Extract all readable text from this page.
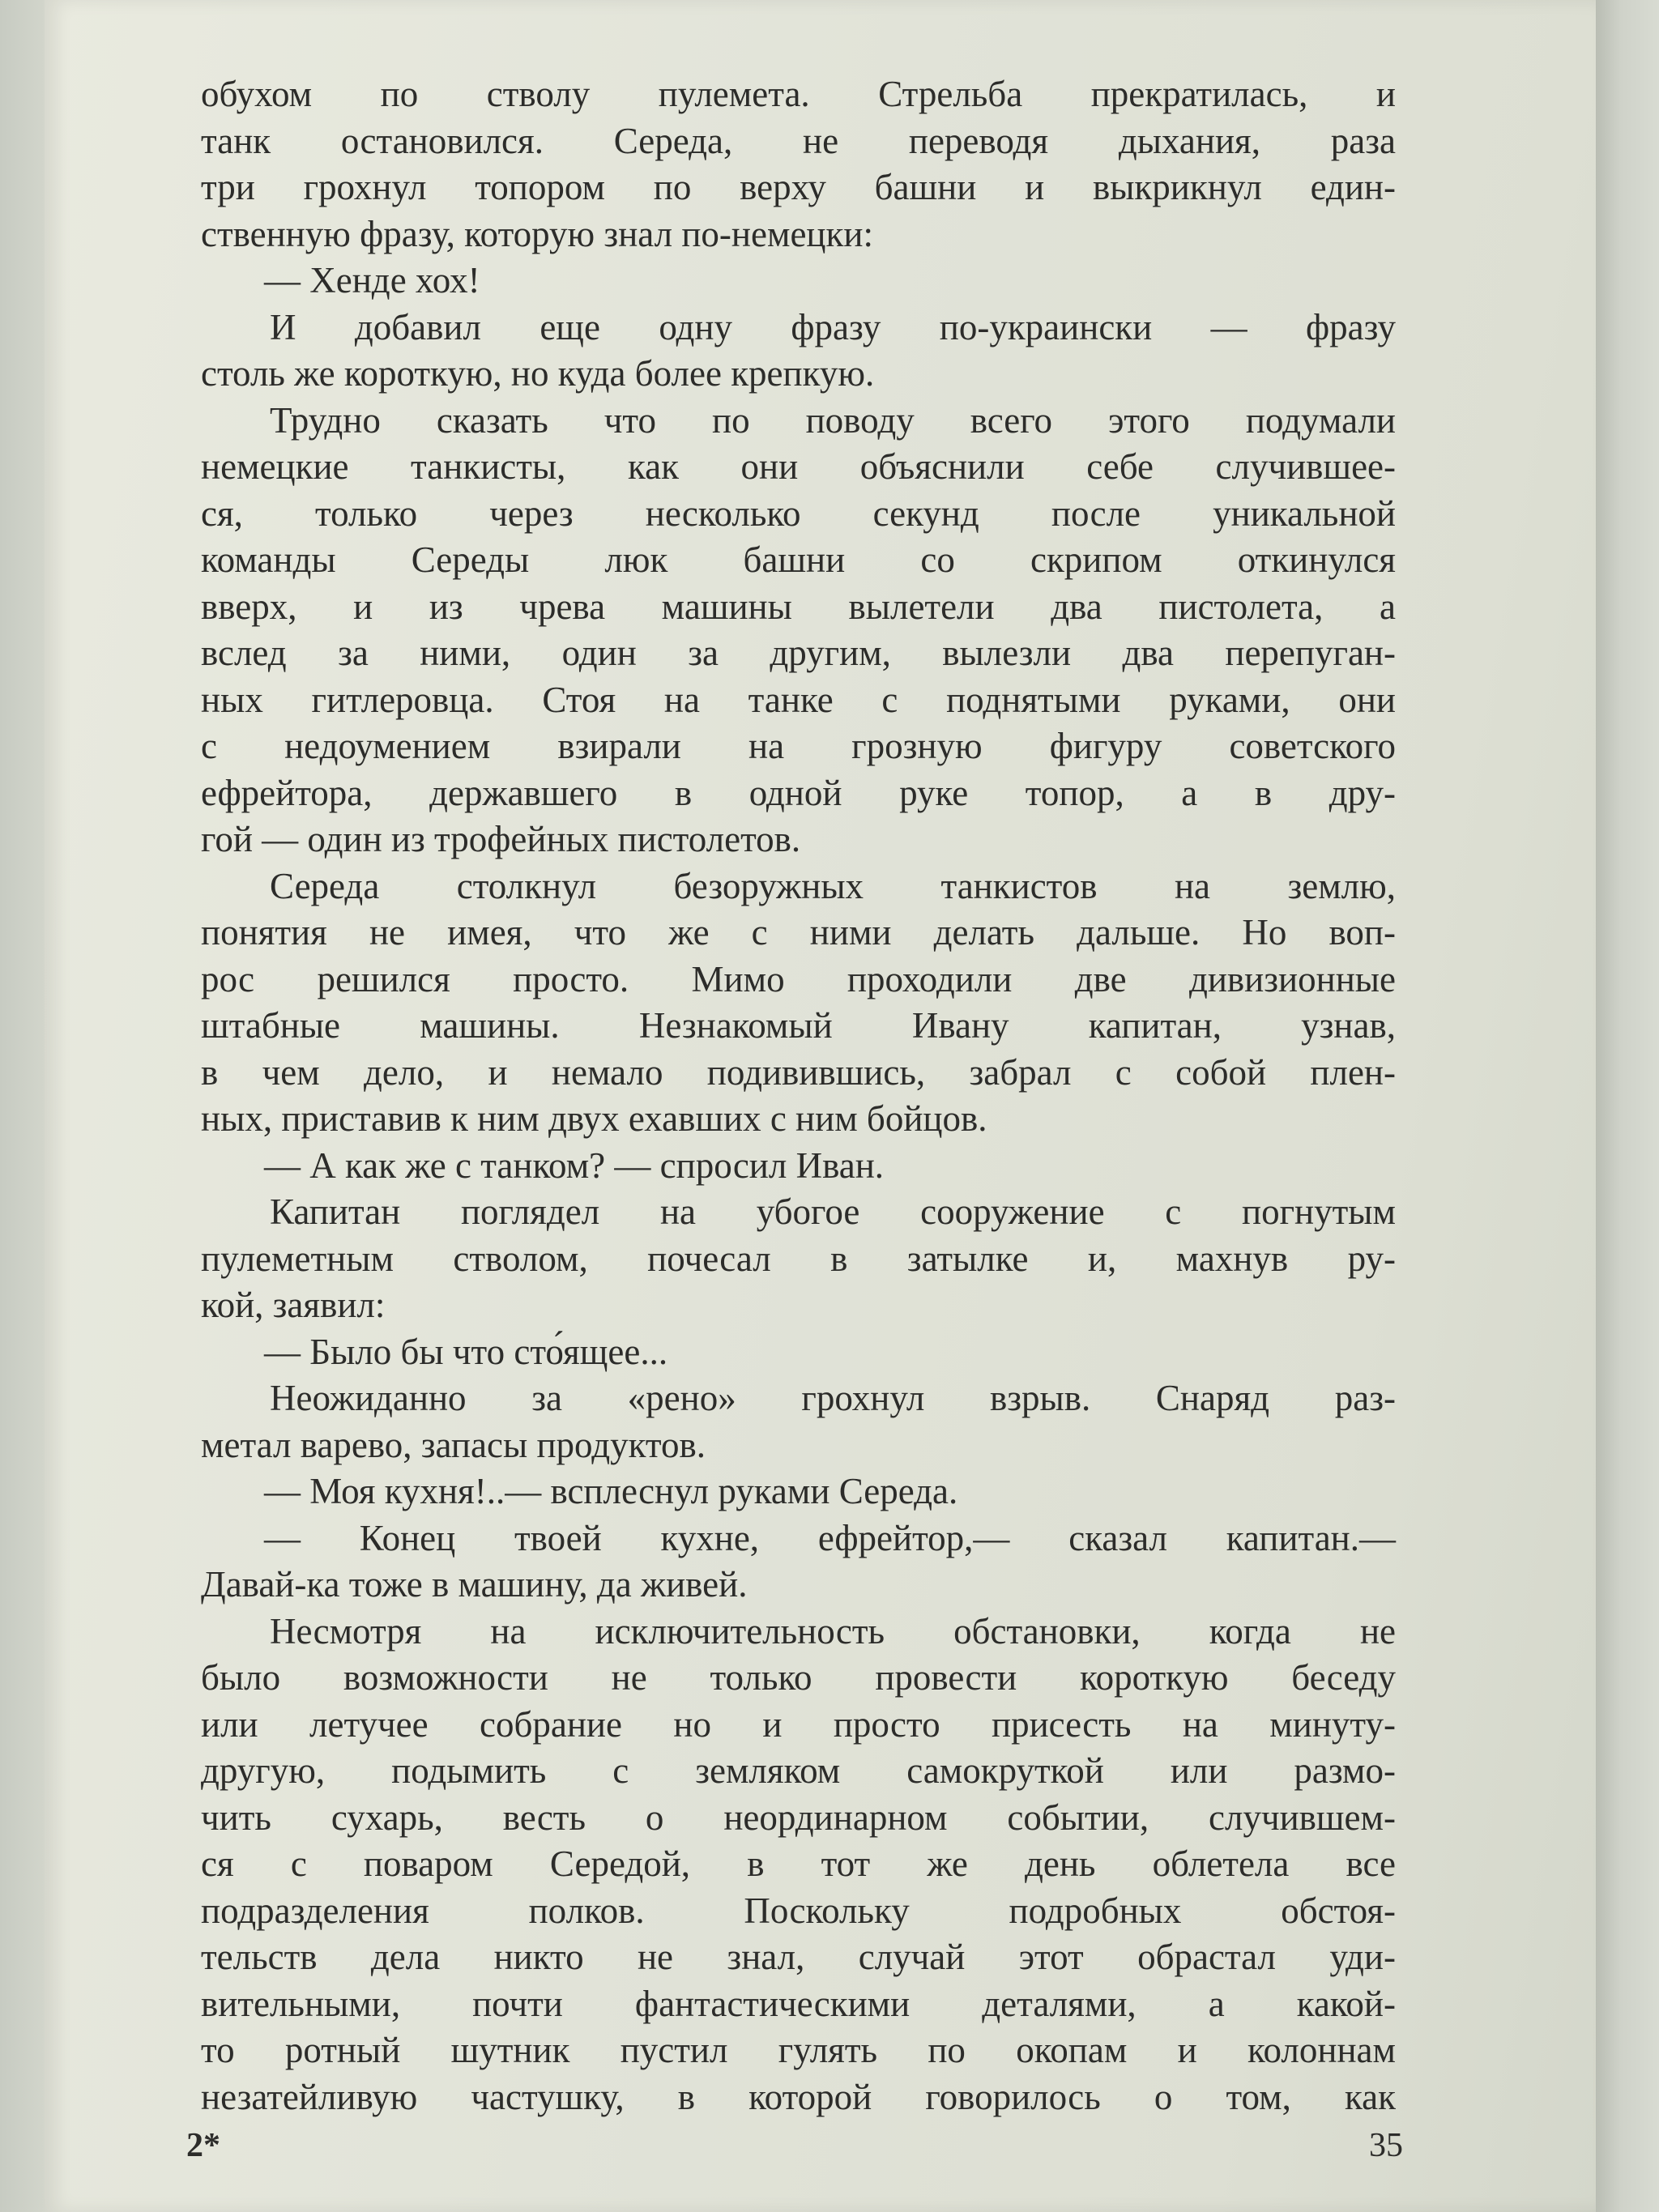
обухом по стволу пулемета. Стрельба прекратилась, и
танк остановился. Середа, не переводя дыхания, раза
три грохнул топором по верху башни и выкрикнул един-
ственную фразу, которую знал по-немецки:
— Хенде хох!
И добавил еще одну фразу по-украински — фразу
столь же короткую, но куда более крепкую.
Трудно сказать что по поводу всего этого подумали
немецкие танкисты, как они объяснили себе случившее-
ся, только через несколько секунд после уникальной
команды Середы люк башни со скрипом откинулся
вверх, и из чрева машины вылетели два пистолета, а
вслед за ними, один за другим, вылезли два перепуган-
ных гитлеровца. Стоя на танке с поднятыми руками, они
с недоумением взирали на грозную фигуру советского
ефрейтора, державшего в одной руке топор, а в дру-
гой — один из трофейных пистолетов.
Середа столкнул безоружных танкистов на землю,
понятия не имея, что же с ними делать дальше. Но воп-
рос решился просто. Мимо проходили две дивизионные
штабные машины. Незнакомый Ивану капитан, узнав,
в чем дело, и немало подивившись, забрал с собой плен-
ных, приставив к ним двух ехавших с ним бойцов.
— А как же с танком? — спросил Иван.
Капитан поглядел на убогое сооружение с погнутым
пулеметным стволом, почесал в затылке и, махнув ру-
кой, заявил:
— Было бы что сто́ящее...
Неожиданно за «рено» грохнул взрыв. Снаряд раз-
метал варево, запасы продуктов.
— Моя кухня!..— всплеснул руками Середа.
— Конец твоей кухне, ефрейтор,— сказал капитан.—
Давай-ка тоже в машину, да живей.
Несмотря на исключительность обстановки, когда не
было возможности не только провести короткую беседу
или летучее собрание но и просто присесть на минуту-
другую, подымить с земляком самокруткой или размо-
чить сухарь, весть о неординарном событии, случившем-
ся с поваром Середой, в тот же день облетела все
подразделения полков. Поскольку подробных обстоя-
тельств дела никто не знал, случай этот обрастал уди-
вительными, почти фантастическими деталями, а какой-
то ротный шутник пустил гулять по окопам и колоннам
незатейливую частушку, в которой говорилось о том, как
2*	35
